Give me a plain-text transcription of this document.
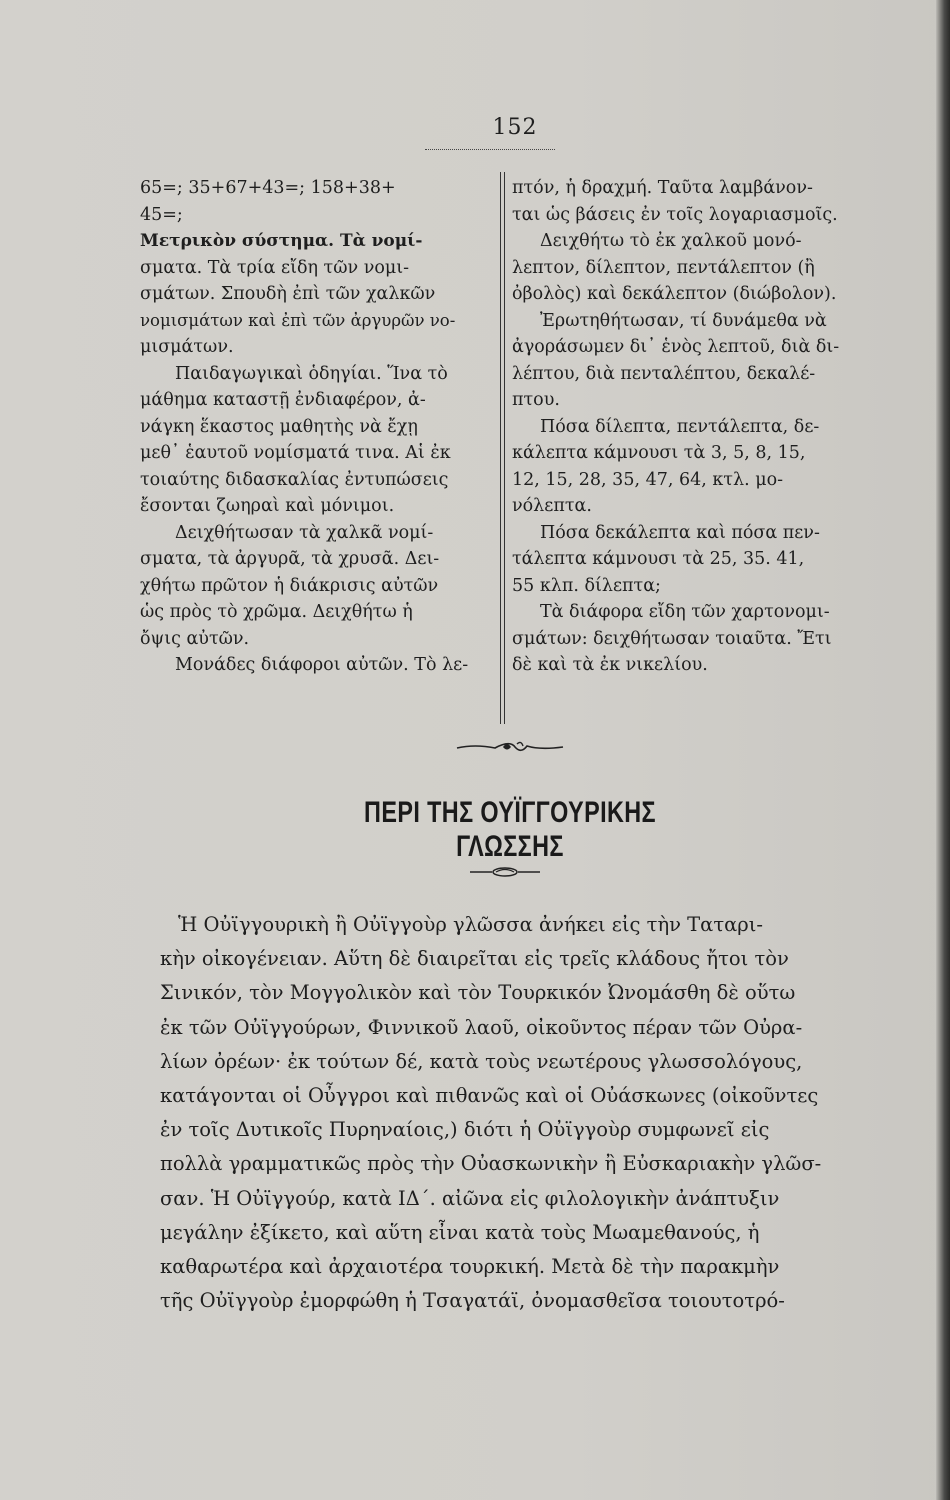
152
65=; 35+67+43=; 158+38+
45=;
Μετρικὸν σύστημα. Τὰ νομί-
σματα. Τὰ τρία εἴδη τῶν νομι-
σμάτων. Σπουδὴ ἐπὶ τῶν χαλκῶν
νομισμάτων καὶ ἐπὶ τῶν ἀργυρῶν νο-
μισμάτων.
Παιδαγωγικαὶ ὁδηγίαι. Ἵνα τὸ
μάθημα καταστῇ ἐνδιαφέρον, ἀ-
νάγκη ἕκαστος μαθητὴς νὰ ἔχῃ
μεθ᾿ ἑαυτοῦ νομίσματά τινα. Αἱ ἐκ
τοιαύτης διδασκαλίας ἐντυπώσεις
ἔσονται ζωηραὶ καὶ μόνιμοι.
Δειχθήτωσαν τὰ χαλκᾶ νομί-
σματα, τὰ ἀργυρᾶ, τὰ χρυσᾶ. Δει-
χθήτω πρῶτον ἡ διάκρισις αὐτῶν
ὡς πρὸς τὸ χρῶμα. Δειχθήτω ἡ
ὄψις αὐτῶν.
Μονάδες διάφοροι αὐτῶν. Τὸ λε-
πτόν, ἡ δραχμή. Ταῦτα λαμβάνον-
ται ὡς βάσεις ἐν τοῖς λογαριασμοῖς.
Δειχθήτω τὸ ἐκ χαλκοῦ μονό-
λεπτον, δίλεπτον, πεντάλεπτον (ἢ
ὀβολὸς) καὶ δεκάλεπτον (διώβολον).
Ἐρωτηθήτωσαν, τί δυνάμεθα νὰ
ἀγοράσωμεν δι᾿ ἑνὸς λεπτοῦ, διὰ δι-
λέπτου, διὰ πενταλέπτου, δεκαλέ-
πτου.
Πόσα δίλεπτα, πεντάλεπτα, δε-
κάλεπτα κάμνουσι τὰ 3, 5, 8, 15,
12, 15, 28, 35, 47, 64, κτλ. μο-
νόλεπτα.
Πόσα δεκάλεπτα καὶ πόσα πεν-
τάλεπτα κάμνουσι τὰ 25, 35. 41,
55 κλπ. δίλεπτα;
Τὰ διάφορα εἴδη τῶν χαρτονομι-
σμάτων: δειχθήτωσαν τοιαῦτα. Ἔτι
δὲ καὶ τὰ ἐκ νικελίου.
ΠΕΡΙ ΤΗΣ ΟΥΪΓΓΟΥΡΙΚΗΣ ΓΛΩΣΣΗΣ
Ἡ Οὐϊγγουρικὴ ἢ Οὐϊγγοὺρ γλῶσσα ἀνήκει εἰς τὴν Ταταρι-
κὴν οἰκογένειαν. Αὕτη δὲ διαιρεῖται εἰς τρεῖς κλάδους ἤτοι τὸν
Σινικόν, τὸν Μογγολικὸν καὶ τὸν Τουρκικόν Ὠνομάσθη δὲ οὕτω
ἐκ τῶν Οὐϊγγούρων, Φιννικοῦ λαοῦ, οἰκοῦντος πέραν τῶν Οὐρα-
λίων ὀρέων· ἐκ τούτων δέ, κατὰ τοὺς νεωτέρους γλωσσολόγους,
κατάγονται οἱ Οὖγγροι καὶ πιθανῶς καὶ οἱ Οὐάσκωνες (οἰκοῦντες
ἐν τοῖς Δυτικοῖς Πυρηναίοις,) διότι ἡ Οὐϊγγοὺρ συμφωνεῖ εἰς
πολλὰ γραμματικῶς πρὸς τὴν Οὐασκωνικὴν ἢ Εὐσκαριακὴν γλῶσ-
σαν. Ἡ Οὐϊγγούρ, κατὰ ΙΔ΄. αἰῶνα εἰς φιλολογικὴν ἀνάπτυξιν
μεγάλην ἐξίκετο, καὶ αὕτη εἶναι κατὰ τοὺς Μωαμεθανούς, ἡ
καθαρωτέρα καὶ ἀρχαιοτέρα τουρκική. Μετὰ δὲ τὴν παρακμὴν
τῆς Οὐϊγγοὺρ ἐμορφώθη ἡ Τσαγατάϊ, ὀνομασθεῖσα τοιουτοτρό-
